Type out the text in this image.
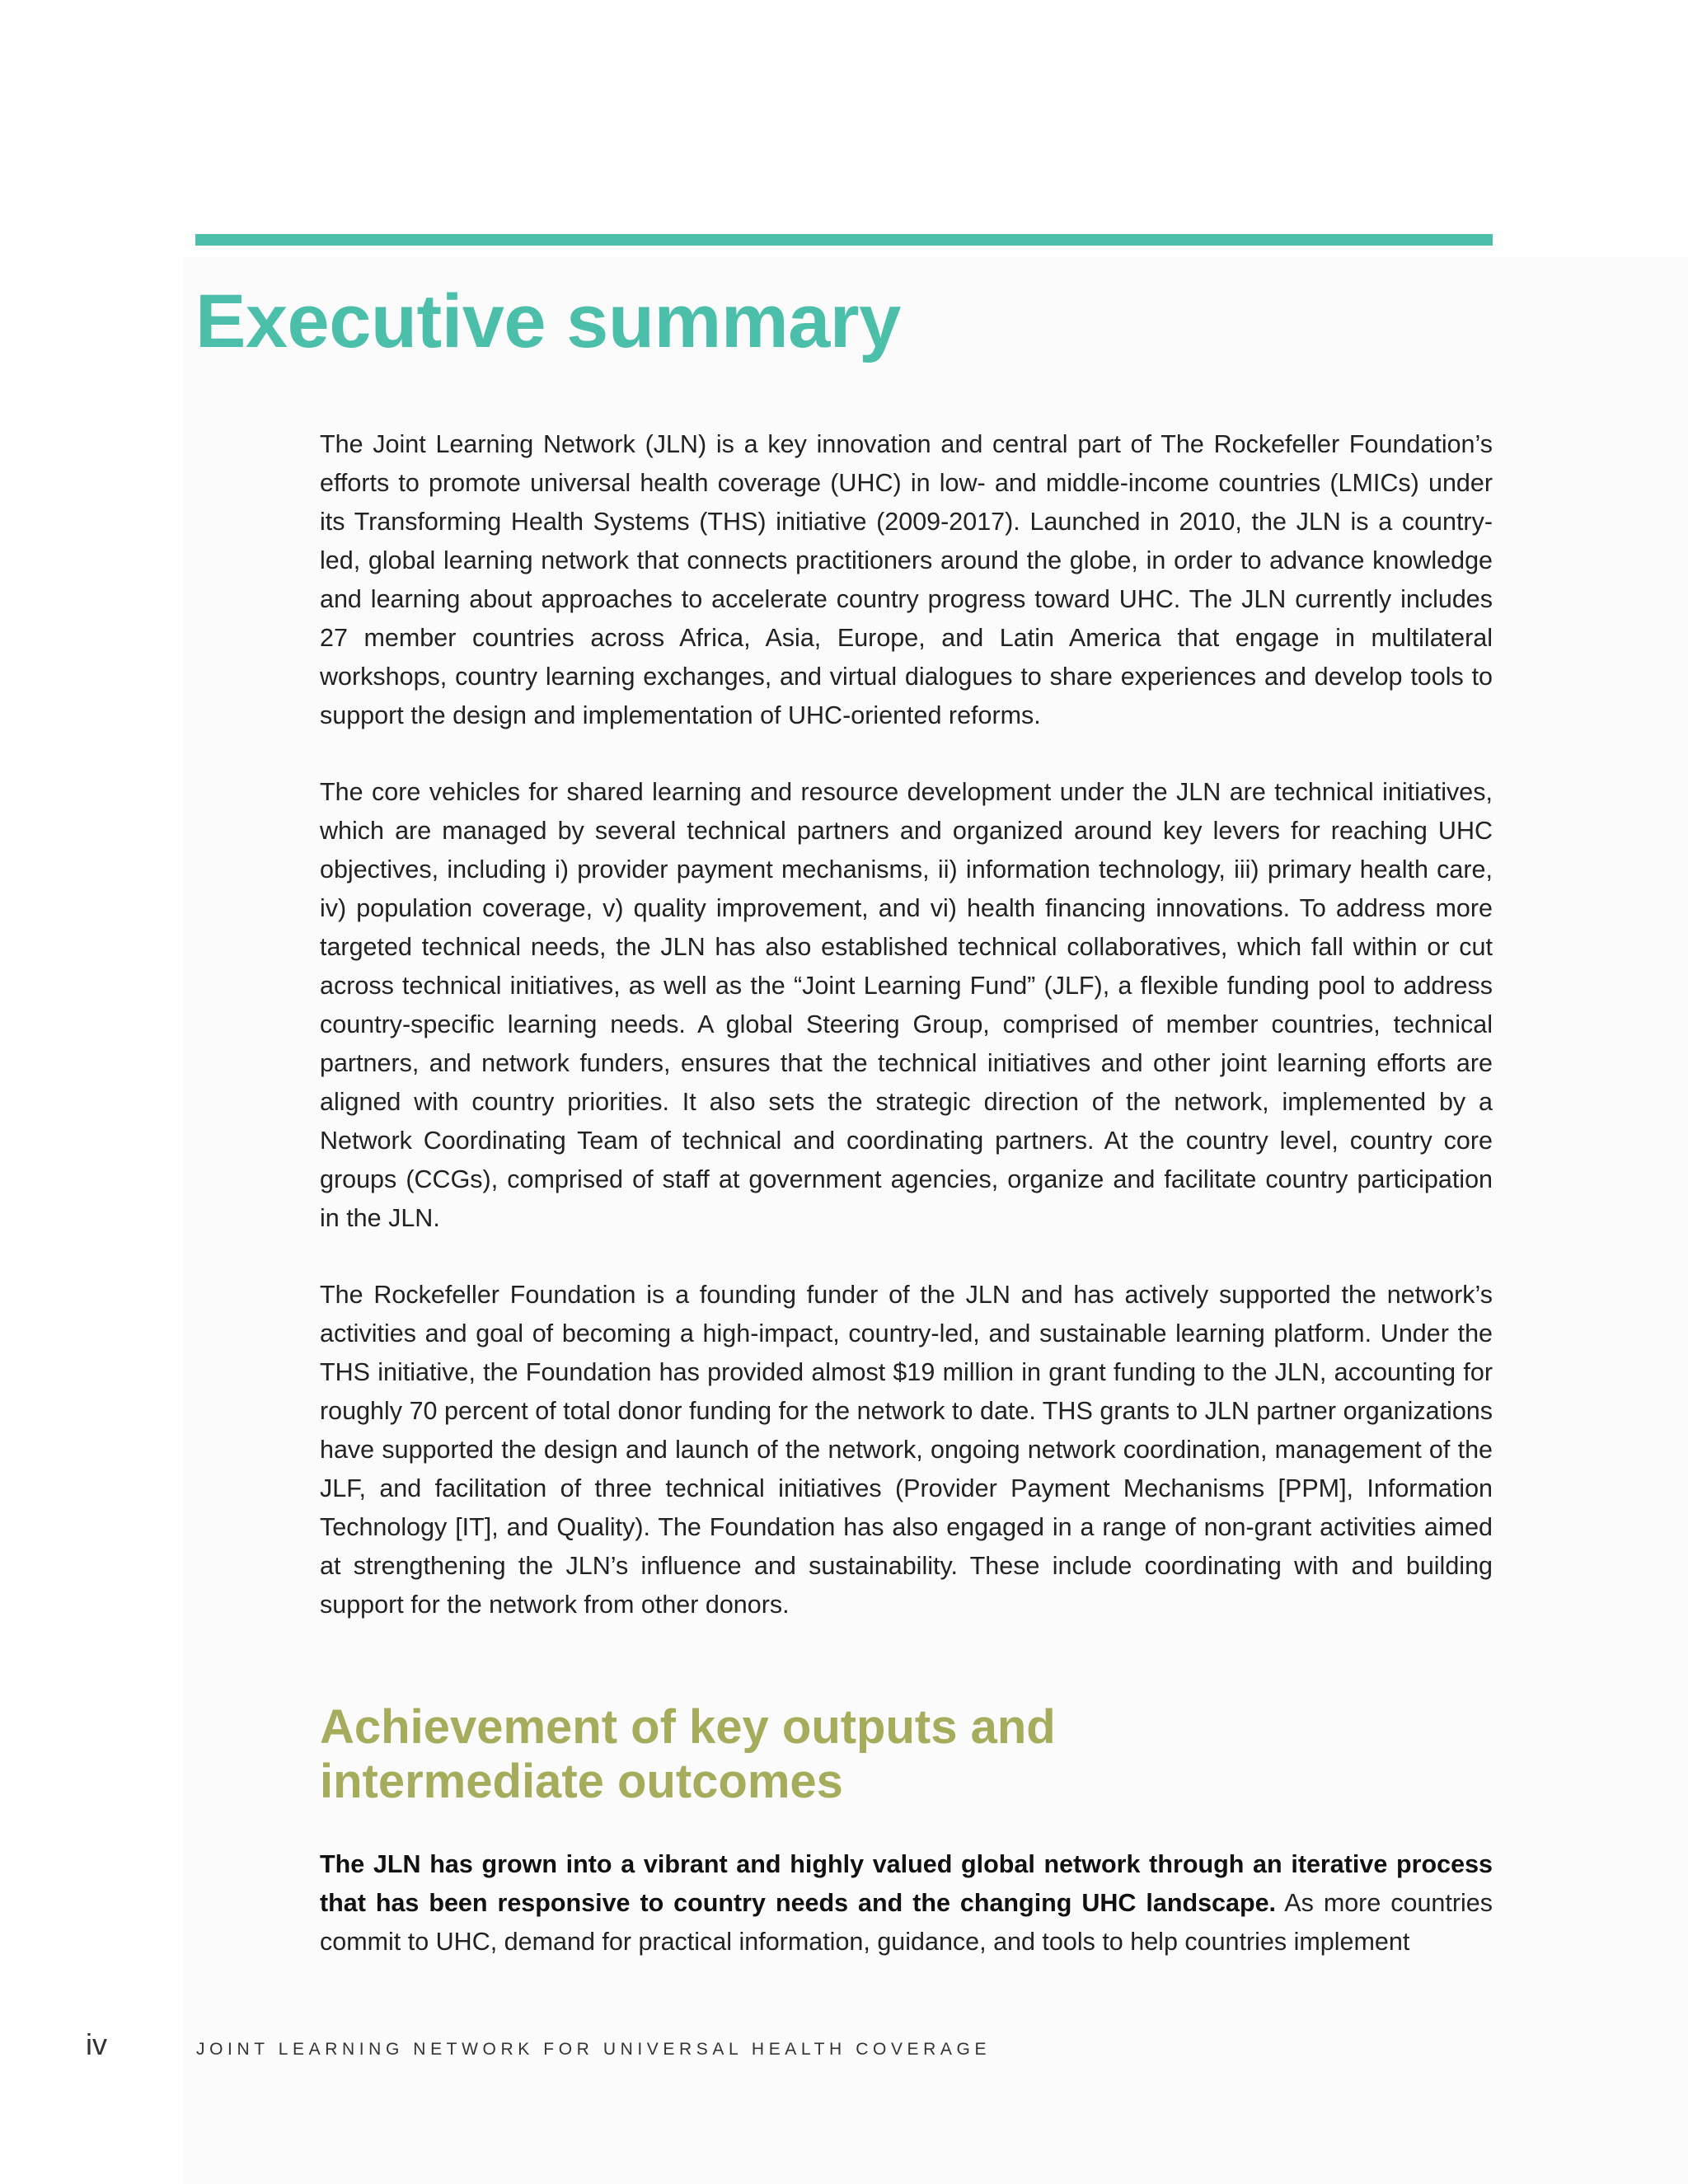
Executive summary

The Joint Learning Network (JLN) is a key innovation and central part of The Rockefeller Foundation’s efforts to promote universal health coverage (UHC) in low- and middle-income countries (LMICs) under its Transforming Health Systems (THS) initiative (2009-2017). Launched in 2010, the JLN is a country-led, global learning network that connects practitioners around the globe, in order to advance knowledge and learning about approaches to accelerate country progress toward UHC. The JLN currently includes 27 member countries across Africa, Asia, Europe, and Latin America that engage in multilateral workshops, country learning exchanges, and virtual dialogues to share experiences and develop tools to support the design and implementation of UHC-oriented reforms.

The core vehicles for shared learning and resource development under the JLN are technical initiatives, which are managed by several technical partners and organized around key levers for reaching UHC objectives, including i) provider payment mechanisms, ii) information technology, iii) primary health care, iv) population coverage, v) quality improvement, and vi) health financing innovations. To address more targeted technical needs, the JLN has also established technical collaboratives, which fall within or cut across technical initiatives, as well as the “Joint Learning Fund” (JLF), a flexible funding pool to address country-specific learning needs. A global Steering Group, comprised of member countries, technical partners, and network funders, ensures that the technical initiatives and other joint learning efforts are aligned with country priorities. It also sets the strategic direction of the network, implemented by a Network Coordinating Team of technical and coordinating partners. At the country level, country core groups (CCGs), comprised of staff at government agencies, organize and facilitate country participation in the JLN.

The Rockefeller Foundation is a founding funder of the JLN and has actively supported the network’s activities and goal of becoming a high-impact, country-led, and sustainable learning platform. Under the THS initiative, the Foundation has provided almost $19 million in grant funding to the JLN, accounting for roughly 70 percent of total donor funding for the network to date. THS grants to JLN partner organizations have supported the design and launch of the network, ongoing network coordination, management of the JLF, and facilitation of three technical initiatives (Provider Payment Mechanisms [PPM], Information Technology [IT], and Quality). The Foundation has also engaged in a range of non-grant activities aimed at strengthening the JLN’s influence and sustainability. These include coordinating with and building support for the network from other donors.

Achievement of key outputs and intermediate outcomes

The JLN has grown into a vibrant and highly valued global network through an iterative process that has been responsive to country needs and the changing UHC landscape. As more countries commit to UHC, demand for practical information, guidance, and tools to help countries implement

iv	JOINT LEARNING NETWORK FOR UNIVERSAL HEALTH COVERAGE
